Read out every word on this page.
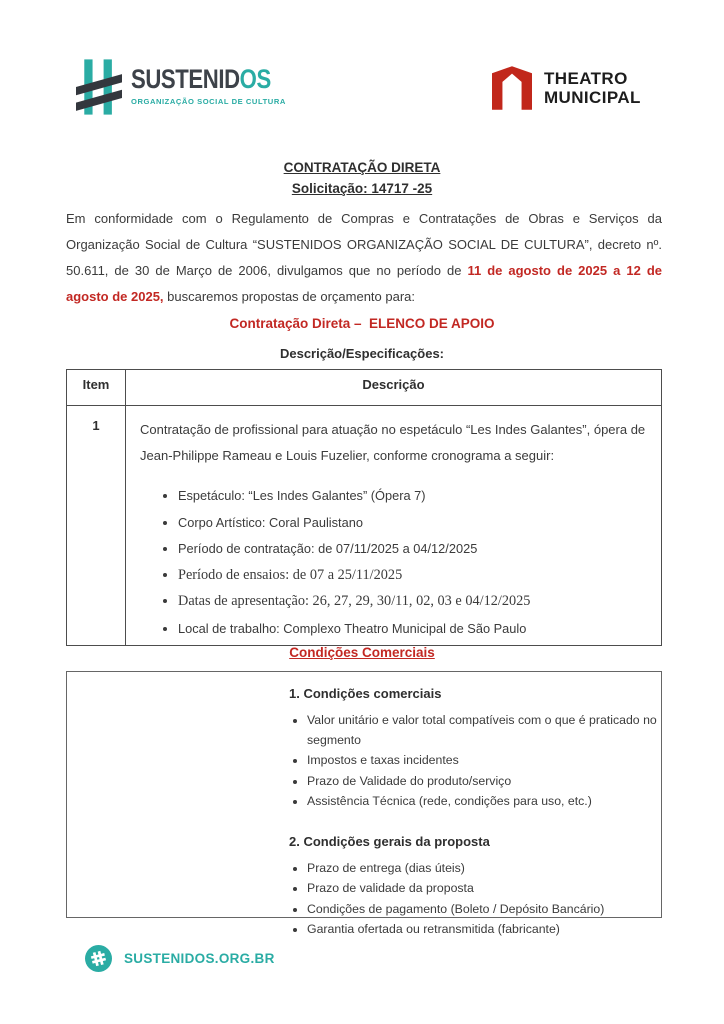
SUSTENIDOS
ORGANIZAÇÃO SOCIAL DE CULTURA
THEATRO
MUNICIPAL
CONTRATAÇÃO DIRETA
Solicitação: 14717 -25
Em conformidade com o Regulamento de Compras e Contratações de Obras e Serviços da Organização Social de Cultura “SUSTENIDOS ORGANIZAÇÃO SOCIAL DE CULTURA”, decreto nº. 50.611, de 30 de Março de 2006, divulgamos que no período de 11 de agosto de 2025 a 12 de agosto de 2025, buscaremos propostas de orçamento para:
Contratação Direta –  ELENCO DE APOIO
Descrição/Especificações:
Item	Descrição
1	Contratação de profissional para atuação no espetáculo “Les Indes Galantes”, ópera de Jean-Philippe Rameau e Louis Fuzelier, conforme cronograma a seguir:

• Espetáculo: “Les Indes Galantes” (Ópera 7)
• Corpo Artístico: Coral Paulistano
• Período de contratação: de 07/11/2025 a 04/12/2025
• Período de ensaios: de 07 a 25/11/2025
• Datas de apresentação: 26, 27, 29, 30/11, 02, 03 e 04/12/2025
• Local de trabalho: Complexo Theatro Municipal de São Paulo
Condições Comerciais
1. Condições comerciais
• Valor unitário e valor total compatíveis com o que é praticado no segmento
• Impostos e taxas incidentes
• Prazo de Validade do produto/serviço
• Assistência Técnica (rede, condições para uso, etc.)
2. Condições gerais da proposta
• Prazo de entrega (dias úteis)
• Prazo de validade da proposta
• Condições de pagamento (Boleto / Depósito Bancário)
• Garantia ofertada ou retransmitida (fabricante)
SUSTENIDOS.ORG.BR
